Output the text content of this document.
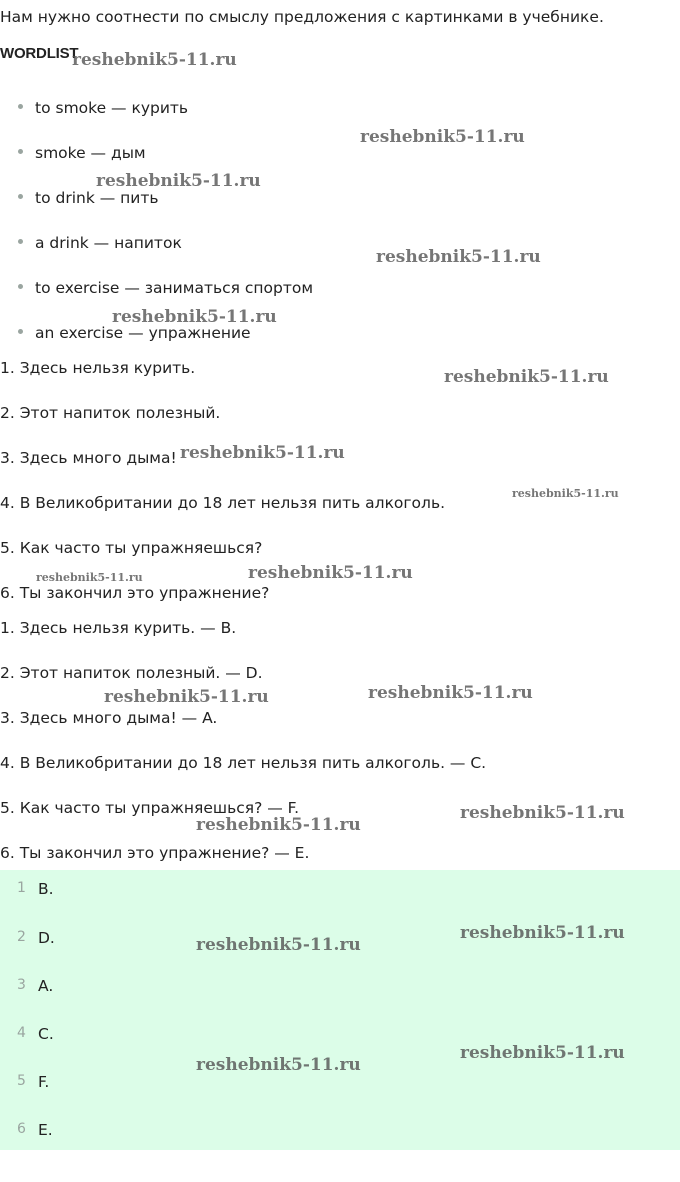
Нам нужно соотнести по смыслу предложения с картинками в учебнике.
WORDLIST
to smoke — курить
smoke — дым
to drink — пить
a drink — напиток
to exercise — заниматься спортом
an exercise — упражнение
1. Здесь нельзя курить.
2. Этот напиток полезный.
3. Здесь много дыма!
4. В Великобритании до 18 лет нельзя пить алкоголь.
5. Как часто ты упражняешься?
6. Ты закончил это упражнение?
1. Здесь нельзя курить. — B.
2. Этот напиток полезный. — D.
3. Здесь много дыма! — A.
4. В Великобритании до 18 лет нельзя пить алкоголь. — C.
5. Как часто ты упражняешься? — F.
6. Ты закончил это упражнение? — E.
1 B.
2 D.
3 A.
4 C.
5 F.
6 E.
reshebnik5-11.ru
reshebnik5-11.ru
reshebnik5-11.ru
reshebnik5-11.ru
reshebnik5-11.ru
reshebnik5-11.ru
reshebnik5-11.ru
reshebnik5-11.ru
reshebnik5-11.ru	reshebnik5-11.ru
reshebnik5-11.ru
reshebnik5-11.ru
reshebnik5-11.ru
reshebnik5-11.ru
reshebnik5-11.ru
reshebnik5-11.ru
reshebnik5-11.ru
reshebnik5-11.ru
